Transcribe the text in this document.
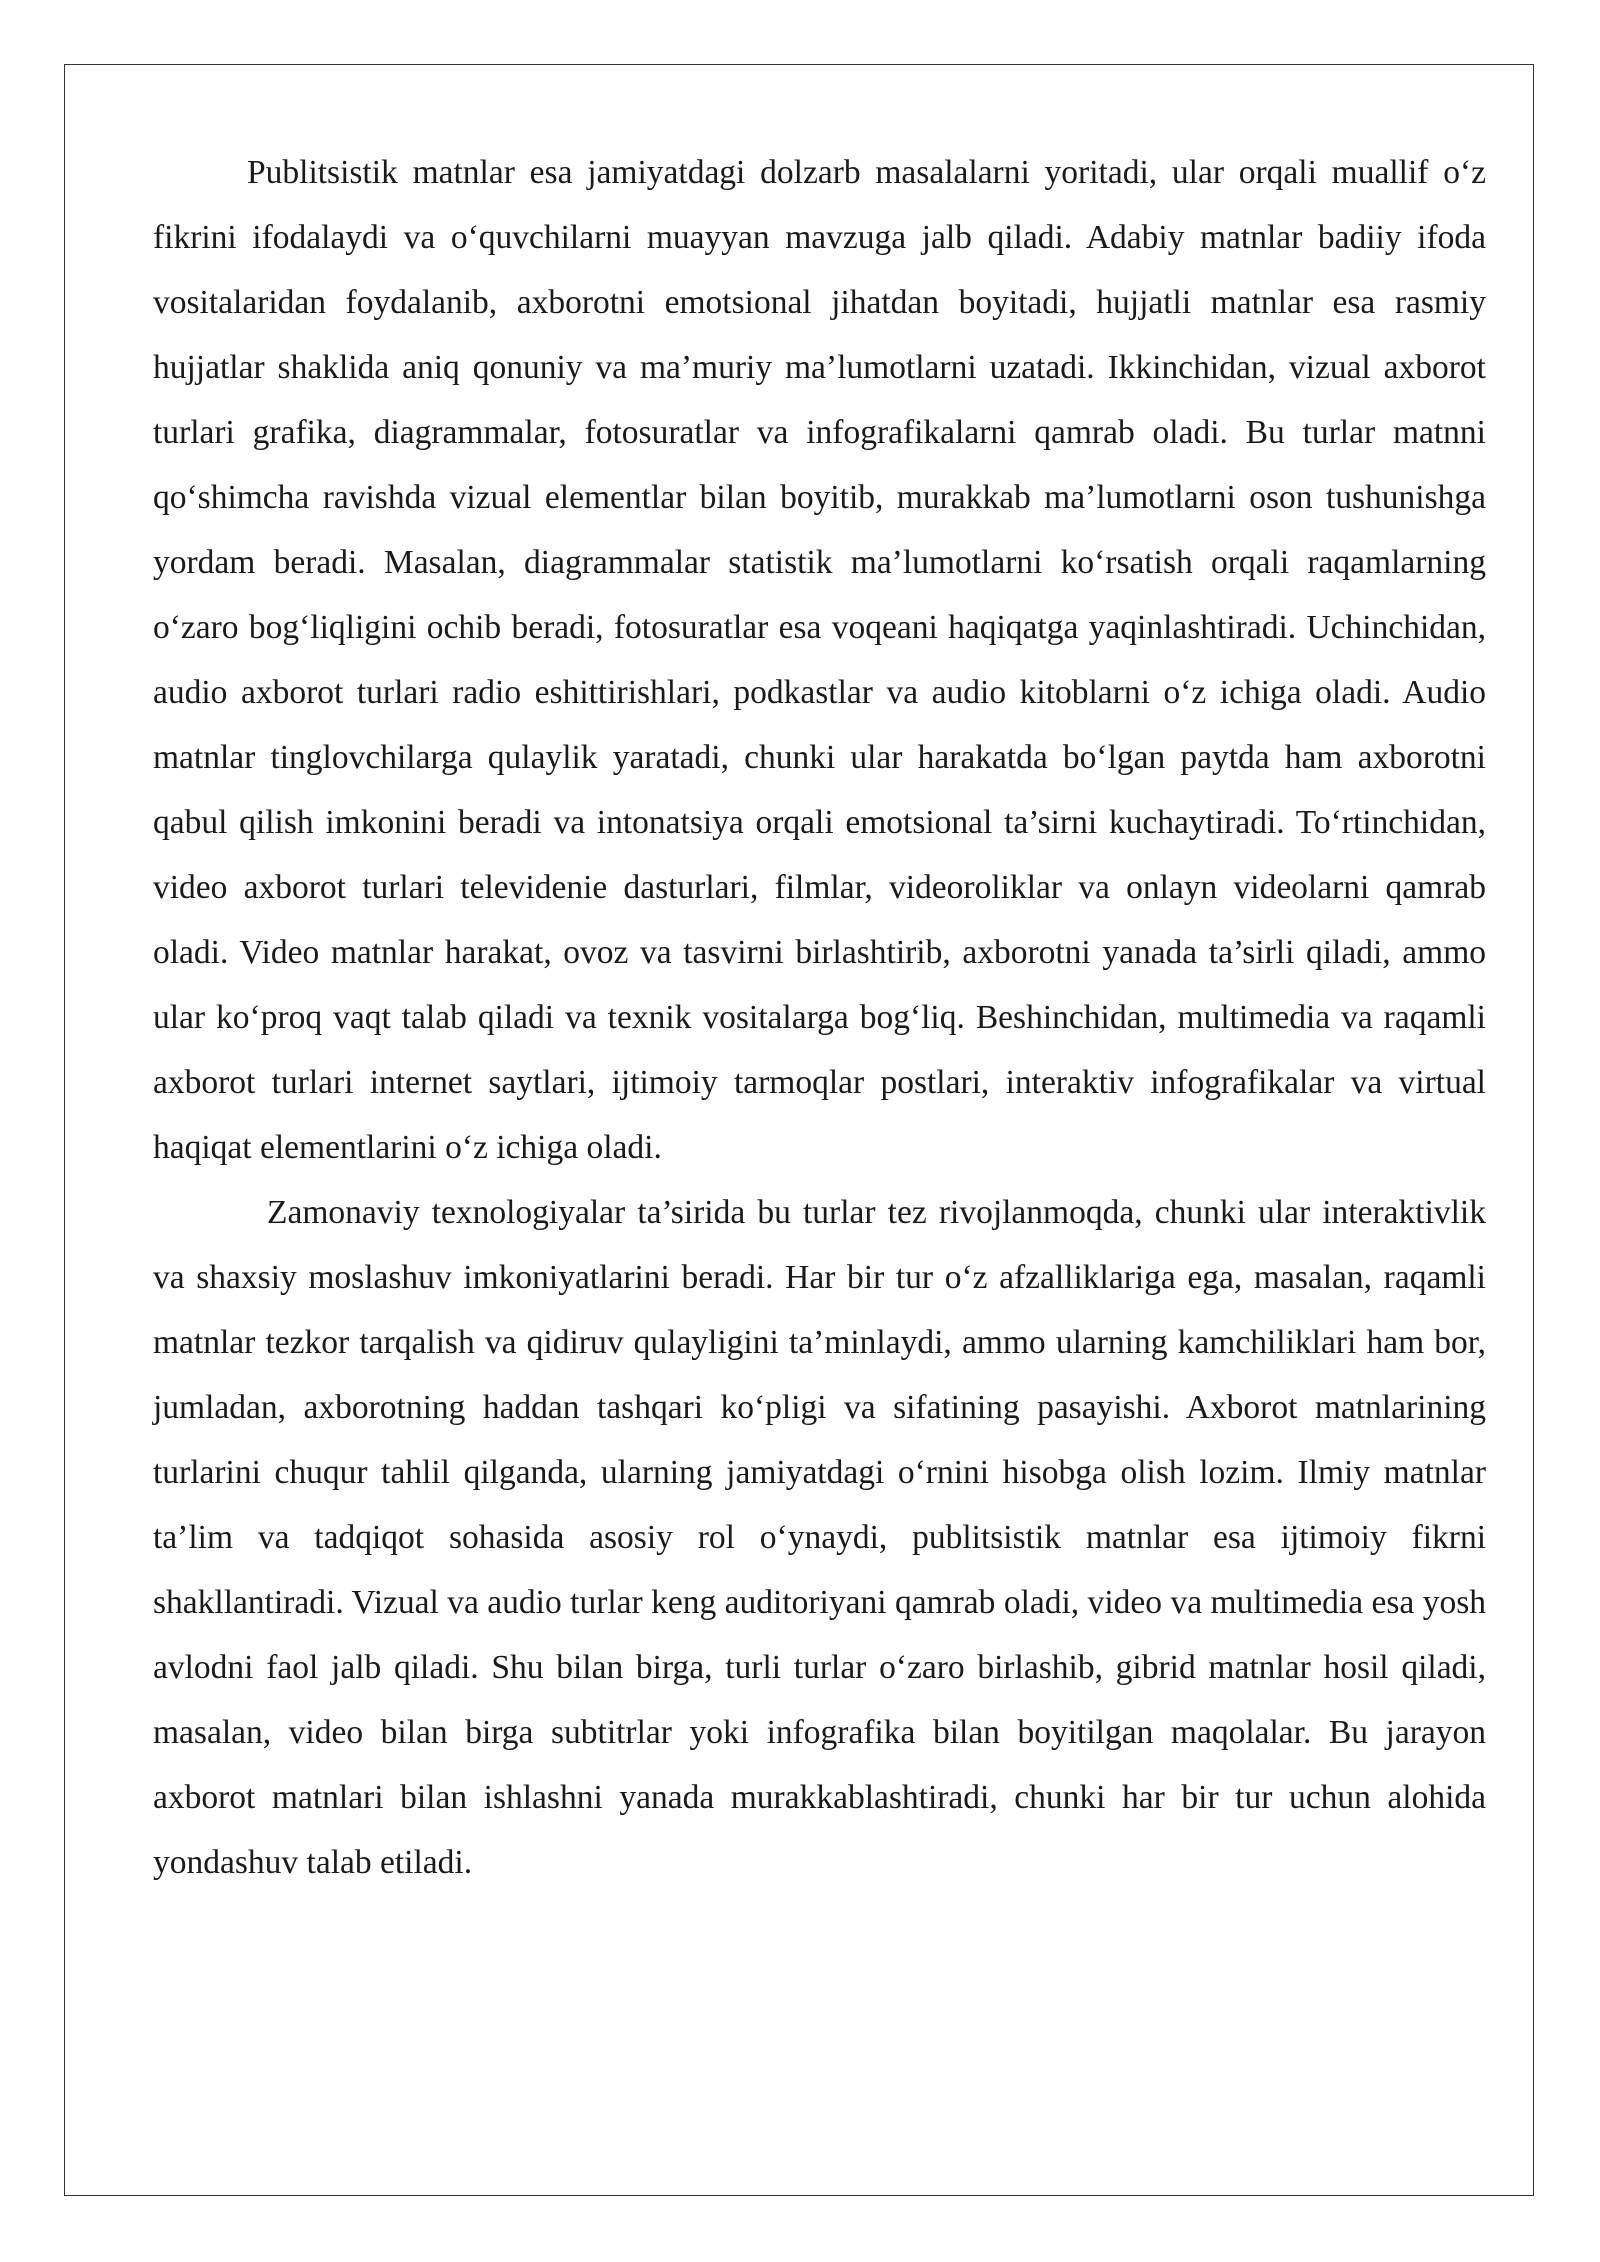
Publitsistik matnlar esa jamiyatdagi dolzarb masalalarni yoritadi, ular orqali muallif o‘z fikrini ifodalaydi va o‘quvchilarni muayyan mavzuga jalb qiladi. Adabiy matnlar badiiy ifoda vositalaridan foydalanib, axborotni emotsional jihatdan boyitadi, hujjatli matnlar esa rasmiy hujjatlar shaklida aniq qonuniy va ma’muriy ma’lumotlarni uzatadi. Ikkinchidan, vizual axborot turlari grafika, diagrammalar, fotosuratlar va infografikalarni qamrab oladi. Bu turlar matnni qo‘shimcha ravishda vizual elementlar bilan boyitib, murakkab ma’lumotlarni oson tushunishga yordam beradi. Masalan, diagrammalar statistik ma’lumotlarni ko‘rsatish orqali raqamlarning o‘zaro bog‘liqligini ochib beradi, fotosuratlar esa voqeani haqiqatga yaqinlashtiradi. Uchinchidan, audio axborot turlari radio eshittirishlari, podkastlar va audio kitoblarni o‘z ichiga oladi. Audio matnlar tinglovchilarga qulaylik yaratadi, chunki ular harakatda bo‘lgan paytda ham axborotni qabul qilish imkonini beradi va intonatsiya orqali emotsional ta’sirni kuchaytiradi. To‘rtinchidan, video axborot turlari televidenie dasturlari, filmlar, videoroliklar va onlayn videolarni qamrab oladi. Video matnlar harakat, ovoz va tasvirni birlashtirib, axborotni yanada ta’sirli qiladi, ammo ular ko‘proq vaqt talab qiladi va texnik vositalarga bog‘liq. Beshinchidan, multimedia va raqamli axborot turlari internet saytlari, ijtimoiy tarmoqlar postlari, interaktiv infografikalar va virtual haqiqat elementlarini o‘z ichiga oladi.

Zamonaviy texnologiyalar ta’sirida bu turlar tez rivojlanmoqda, chunki ular interaktivlik va shaxsiy moslashuv imkoniyatlarini beradi. Har bir tur o‘z afzalliklariga ega, masalan, raqamli matnlar tezkor tarqalish va qidiruv qulayligini ta’minlaydi, ammo ularning kamchiliklari ham bor, jumladan, axborotning haddan tashqari ko‘pligi va sifatining pasayishi. Axborot matnlarining turlarini chuqur tahlil qilganda, ularning jamiyatdagi o‘rnini hisobga olish lozim. Ilmiy matnlar ta’lim va tadqiqot sohasida asosiy rol o‘ynaydi, publitsistik matnlar esa ijtimoiy fikrni shakllantiradi. Vizual va audio turlar keng auditoriyani qamrab oladi, video va multimedia esa yosh avlodni faol jalb qiladi. Shu bilan birga, turli turlar o‘zaro birlashib, gibrid matnlar hosil qiladi, masalan, video bilan birga subtitrlar yoki infografika bilan boyitilgan maqolalar. Bu jarayon axborot matnlari bilan ishlashni yanada murakkablashtiradi, chunki har bir tur uchun alohida yondashuv talab etiladi.
